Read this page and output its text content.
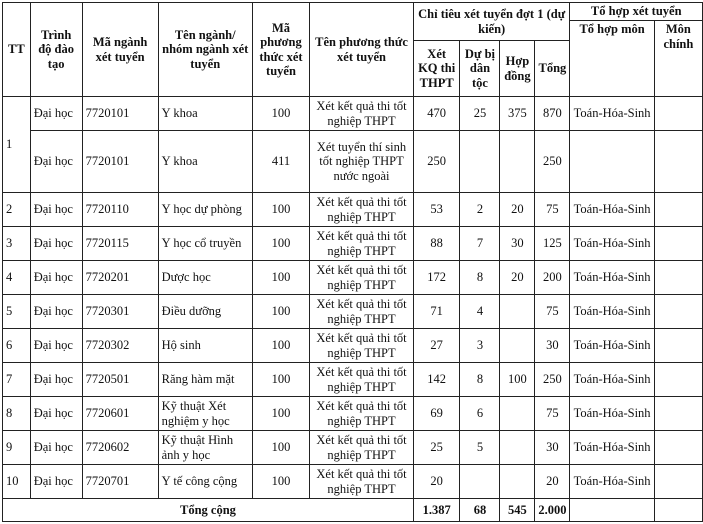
TT	Trình độ đào tạo	Mã ngành xét tuyển	Tên ngành/ nhóm ngành xét tuyển	Mã phương thức xét tuyển	Tên phương thức xét tuyển	Chỉ tiêu xét tuyển đợt 1 (dự kiến)				Tổ hợp xét tuyển	
										Tổ hợp môn	Môn chính
						Xét KQ thi THPT	Dự bị dân tộc	Hợp đồng	Tổng		
1	Đại học	7720101	Y khoa	100	Xét kết quả thi tốt nghiệp THPT	470	25	375	870	Toán-Hóa-Sinh	
	Đại học	7720101	Y khoa	411	Xét tuyển thí sinh tốt nghiệp THPT nước ngoài	250			250		
2	Đại học	7720110	Y học dự phòng	100	Xét kết quả thi tốt nghiệp THPT	53	2	20	75	Toán-Hóa-Sinh	
3	Đại học	7720115	Y học cổ truyền	100	Xét kết quả thi tốt nghiệp THPT	88	7	30	125	Toán-Hóa-Sinh	
4	Đại học	7720201	Dược học	100	Xét kết quả thi tốt nghiệp THPT	172	8	20	200	Toán-Hóa-Sinh	
5	Đại học	7720301	Điều dưỡng	100	Xét kết quả thi tốt nghiệp THPT	71	4		75	Toán-Hóa-Sinh	
6	Đại học	7720302	Hộ sinh	100	Xét kết quả thi tốt nghiệp THPT	27	3		30	Toán-Hóa-Sinh	
7	Đại học	7720501	Răng hàm mặt	100	Xét kết quả thi tốt nghiệp THPT	142	8	100	250	Toán-Hóa-Sinh	
8	Đại học	7720601	Kỹ thuật Xét nghiệm y học	100	Xét kết quả thi tốt nghiệp THPT	69	6		75	Toán-Hóa-Sinh	
9	Đại học	7720602	Kỹ thuật Hình ảnh y học	100	Xét kết quả thi tốt nghiệp THPT	25	5		30	Toán-Hóa-Sinh	
10	Đại học	7720701	Y tế công cộng	100	Xét kết quả thi tốt nghiệp THPT	20			20	Toán-Hóa-Sinh	
Tổng cộng						1.387	68	545	2.000		
